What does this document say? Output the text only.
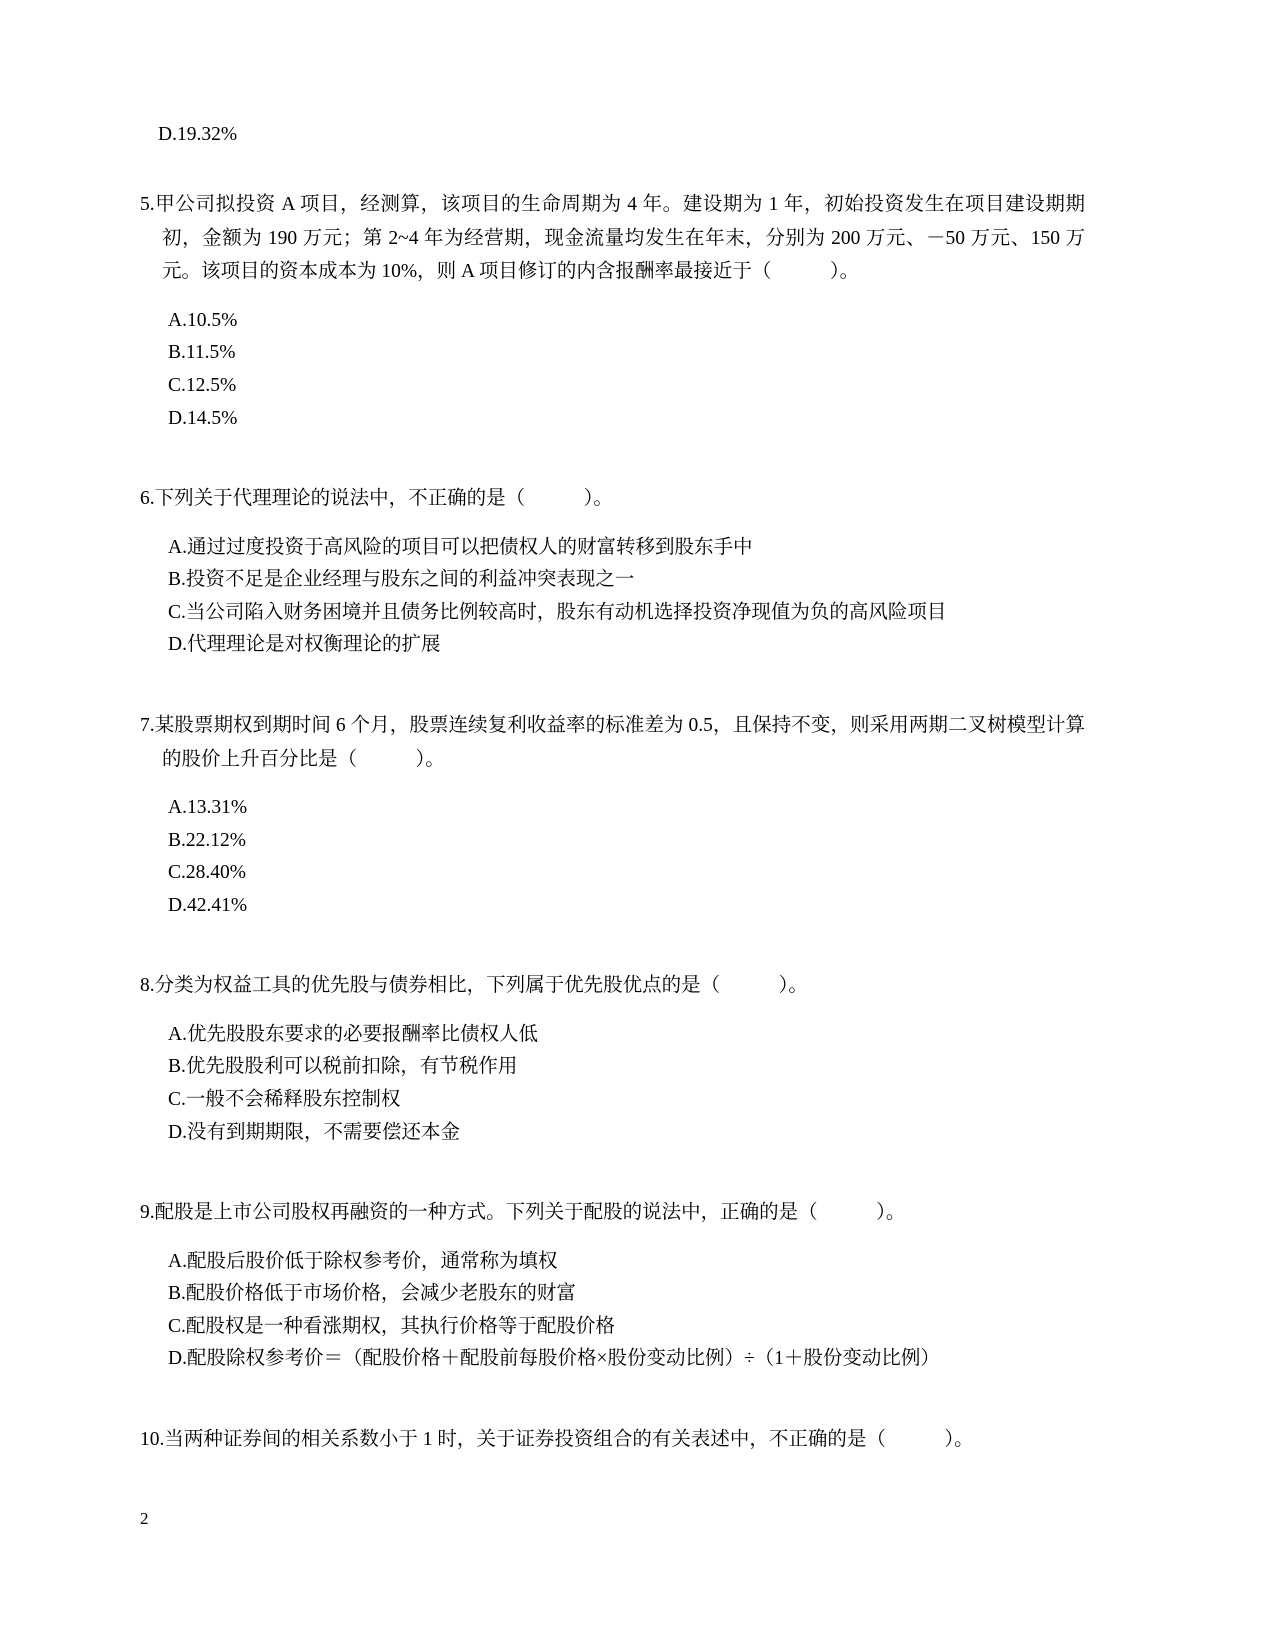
D.19.32%

5.甲公司拟投资 A 项目，经测算，该项目的生命周期为 4 年。建设期为 1 年，初始投资发生在项目建设期期初，金额为 190 万元；第 2~4 年为经营期，现金流量均发生在年末，分别为 200 万元、－50 万元、150 万元。该项目的资本成本为 10%，则 A 项目修订的内含报酬率最接近于（　　　）。

A.10.5%

B.11.5%

C.12.5%

D.14.5%

6.下列关于代理理论的说法中，不正确的是（　　　）。

A.通过过度投资于高风险的项目可以把债权人的财富转移到股东手中

B.投资不足是企业经理与股东之间的利益冲突表现之一

C.当公司陷入财务困境并且债务比例较高时，股东有动机选择投资净现值为负的高风险项目

D.代理理论是对权衡理论的扩展

7.某股票期权到期时间 6 个月，股票连续复利收益率的标准差为 0.5，且保持不变，则采用两期二叉树模型计算的股价上升百分比是（　　　）。

A.13.31%

B.22.12%

C.28.40%

D.42.41%

8.分类为权益工具的优先股与债券相比，下列属于优先股优点的是（　　　）。

A.优先股股东要求的必要报酬率比债权人低

B.优先股股利可以税前扣除，有节税作用

C.一般不会稀释股东控制权

D.没有到期期限，不需要偿还本金

9.配股是上市公司股权再融资的一种方式。下列关于配股的说法中，正确的是（　　　）。

A.配股后股价低于除权参考价，通常称为填权

B.配股价格低于市场价格，会减少老股东的财富

C.配股权是一种看涨期权，其执行价格等于配股价格

D.配股除权参考价＝（配股价格＋配股前每股价格×股份变动比例）÷（1＋股份变动比例）

10.当两种证券间的相关系数小于 1 时，关于证券投资组合的有关表述中，不正确的是（　　　）。

2
